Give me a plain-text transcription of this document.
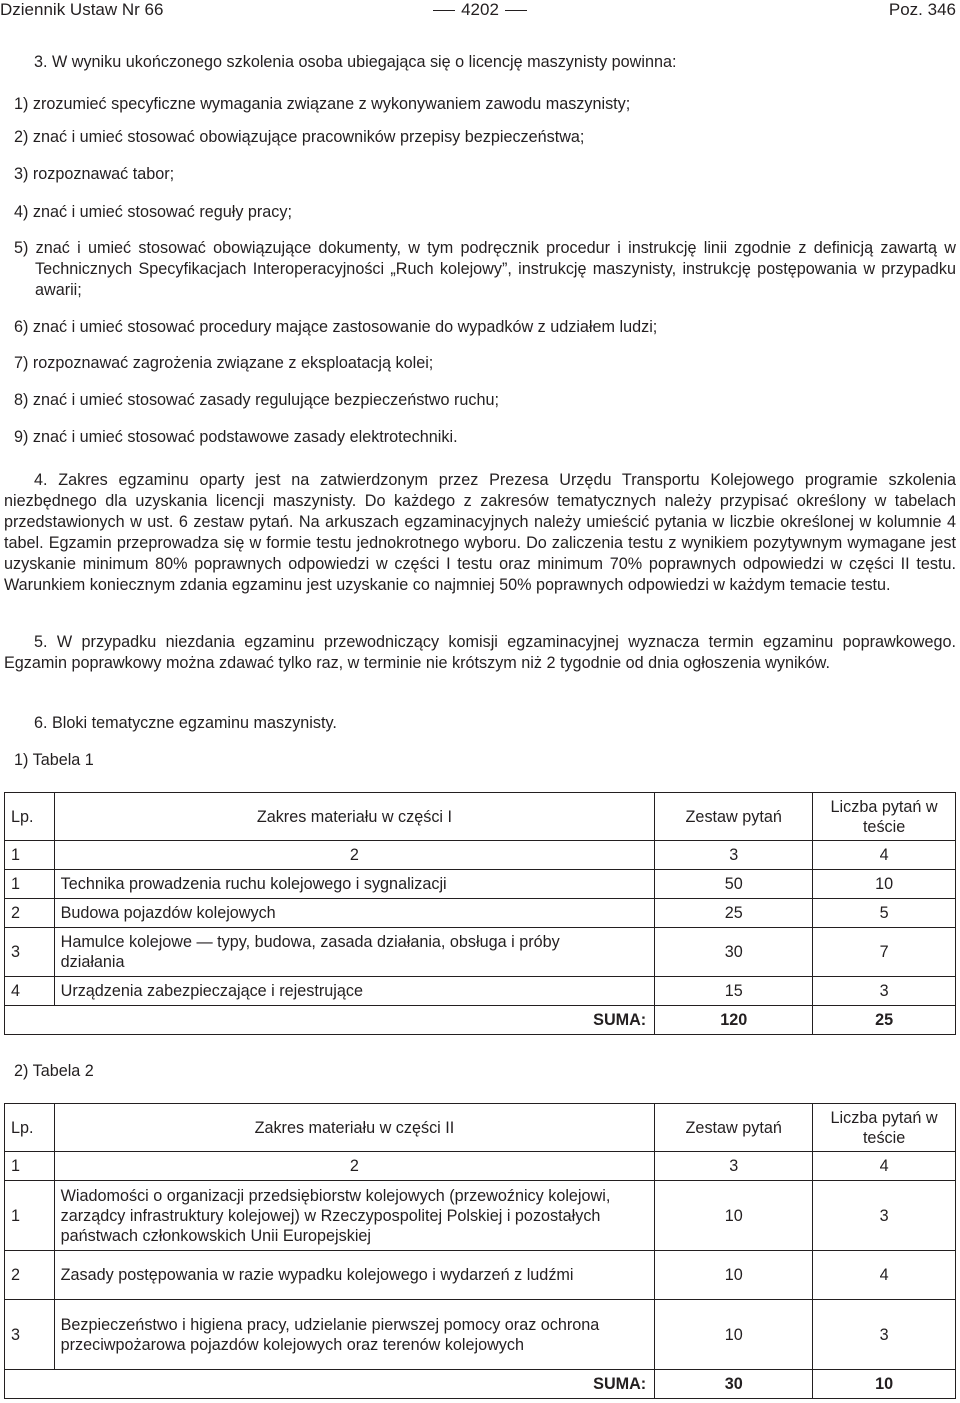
Dziennik Ustaw Nr 66	4202	Poz. 346
3. W wyniku ukończonego szkolenia osoba ubiegająca się o licencję maszynisty powinna:
1) zrozumieć specyficzne wymagania związane z wykonywaniem zawodu maszynisty;
2) znać i umieć stosować obowiązujące pracowników przepisy bezpieczeństwa;
3) rozpoznawać tabor;
4) znać i umieć stosować reguły pracy;
5) znać i umieć stosować obowiązujące dokumenty, w tym podręcznik procedur i instrukcję linii zgodnie z definicją zawartą w Technicznych Specyfikacjach Interoperacyjności „Ruch kolejowy”, instrukcję maszynisty, instrukcję postępowania w przypadku awarii;
6) znać i umieć stosować procedury mające zastosowanie do wypadków z udziałem ludzi;
7) rozpoznawać zagrożenia związane z eksploatacją kolei;
8) znać i umieć stosować zasady regulujące bezpieczeństwo ruchu;
9) znać i umieć stosować podstawowe zasady elektrotechniki.
4. Zakres egzaminu oparty jest na zatwierdzonym przez Prezesa Urzędu Transportu Kolejowego programie szkolenia niezbędnego dla uzyskania licencji maszynisty. Do każdego z zakresów tematycznych należy przypisać określony w tabelach przedstawionych w ust. 6 zestaw pytań. Na arkuszach egzaminacyjnych należy umieścić pytania w liczbie określonej w kolumnie 4 tabel. Egzamin przeprowadza się w formie testu jednokrotnego wyboru. Do zaliczenia testu z wynikiem pozytywnym wymagane jest uzyskanie minimum 80% poprawnych odpowiedzi w części I testu oraz minimum 70% poprawnych odpowiedzi w części II testu. Warunkiem koniecznym zdania egzaminu jest uzyskanie co najmniej 50% poprawnych odpowiedzi w każdym temacie testu.
5. W przypadku niezdania egzaminu przewodniczący komisji egzaminacyjnej wyznacza termin egzaminu poprawkowego. Egzamin poprawkowy można zdawać tylko raz, w terminie nie krótszym niż 2 tygodnie od dnia ogłoszenia wyników.
6. Bloki tematyczne egzaminu maszynisty.
1) Tabela 1
Lp.	Zakres materiału w części I	Zestaw pytań	Liczba pytań w teście
1	2	3	4
1	Technika prowadzenia ruchu kolejowego i sygnalizacji	50	10
2	Budowa pojazdów kolejowych	25	5
3	Hamulce kolejowe — typy, budowa, zasada działania, obsługa i próby działania	30	7
4	Urządzenia zabezpieczające i rejestrujące	15	3
SUMA:		120	25
2) Tabela 2
Lp.	Zakres materiału w części II	Zestaw pytań	Liczba pytań w teście
1	2	3	4
1	Wiadomości o organizacji przedsiębiorstw kolejowych (przewoźnicy kolejowi, zarządcy infrastruktury kolejowej) w Rzeczypospolitej Polskiej i pozostałych państwach członkowskich Unii Europejskiej	10	3
2	Zasady postępowania w razie wypadku kolejowego i wydarzeń z ludźmi	10	4
3	Bezpieczeństwo i higiena pracy, udzielanie pierwszej pomocy oraz ochrona przeciwpożarowa pojazdów kolejowych oraz terenów kolejowych	10	3
SUMA:		30	10
